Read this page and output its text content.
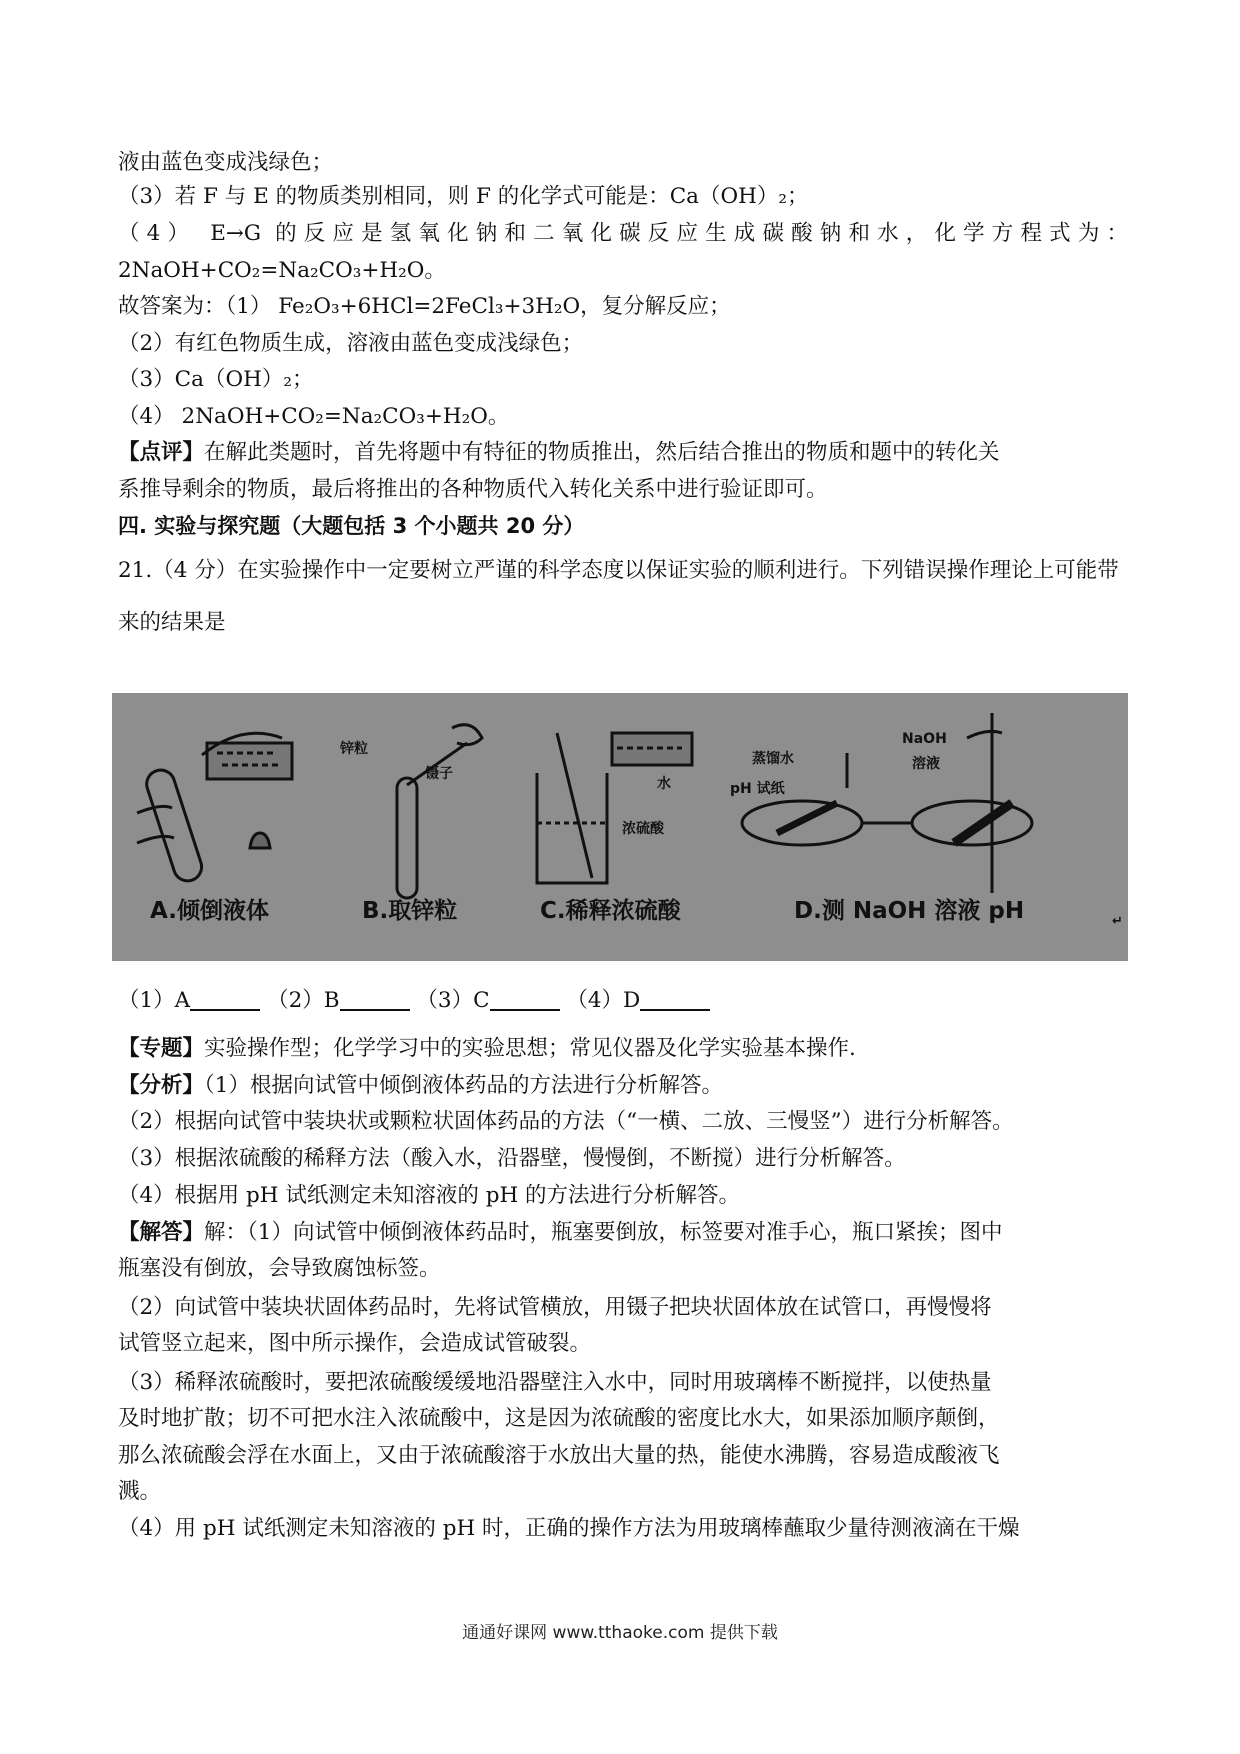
液由蓝色变成浅绿色；
（3）若 F 与 E 的物质类别相同，则 F 的化学式可能是：Ca（OH）₂；
（4） E→G 的反应是氢氧化钠和二氧化碳反应生成碳酸钠和水，化学方程式为：
2NaOH+CO₂=Na₂CO₃+H₂O。
故答案为：（1） Fe₂O₃+6HCl=2FeCl₃+3H₂O，复分解反应；
（2）有红色物质生成，溶液由蓝色变成浅绿色；
（3）Ca（OH）₂；
（4） 2NaOH+CO₂=Na₂CO₃+H₂O。
【点评】在解此类题时，首先将题中有特征的物质推出，然后结合推出的物质和题中的转化关
系推导剩余的物质，最后将推出的各种物质代入转化关系中进行验证即可。
四. 实验与探究题（大题包括 3 个小题共 20 分）
21.（4 分）在实验操作中一定要树立严谨的科学态度以保证实验的顺利进行。下列错误操作理论上可能带
来的结果是
锌粒
镊子
水
浓硫酸
蒸馏水
pH 试纸
NaOH
溶液
A.倾倒液体	B.取锌粒	C.稀释浓硫酸	D.测 NaOH 溶液 pH	↵
（1）A	（2）B	（3）C	（4）D
【专题】实验操作型；化学学习中的实验思想；常见仪器及化学实验基本操作.
【分析】（1）根据向试管中倾倒液体药品的方法进行分析解答。
（2）根据向试管中装块状或颗粒状固体药品的方法（“一横、二放、三慢竖”）进行分析解答。
（3）根据浓硫酸的稀释方法（酸入水，沿器壁，慢慢倒，不断搅）进行分析解答。
（4）根据用 pH 试纸测定未知溶液的 pH 的方法进行分析解答。
【解答】解：（1）向试管中倾倒液体药品时，瓶塞要倒放，标签要对准手心，瓶口紧挨；图中
瓶塞没有倒放，会导致腐蚀标签。
（2）向试管中装块状固体药品时，先将试管横放，用镊子把块状固体放在试管口，再慢慢将
试管竖立起来，图中所示操作，会造成试管破裂。
（3）稀释浓硫酸时，要把浓硫酸缓缓地沿器壁注入水中，同时用玻璃棒不断搅拌，以使热量
及时地扩散；切不可把水注入浓硫酸中，这是因为浓硫酸的密度比水大，如果添加顺序颠倒，
那么浓硫酸会浮在水面上，又由于浓硫酸溶于水放出大量的热，能使水沸腾，容易造成酸液飞
溅。
（4）用 pH 试纸测定未知溶液的 pH 时，正确的操作方法为用玻璃棒蘸取少量待测液滴在干燥
通通好课网 www.tthaoke.com 提供下载
